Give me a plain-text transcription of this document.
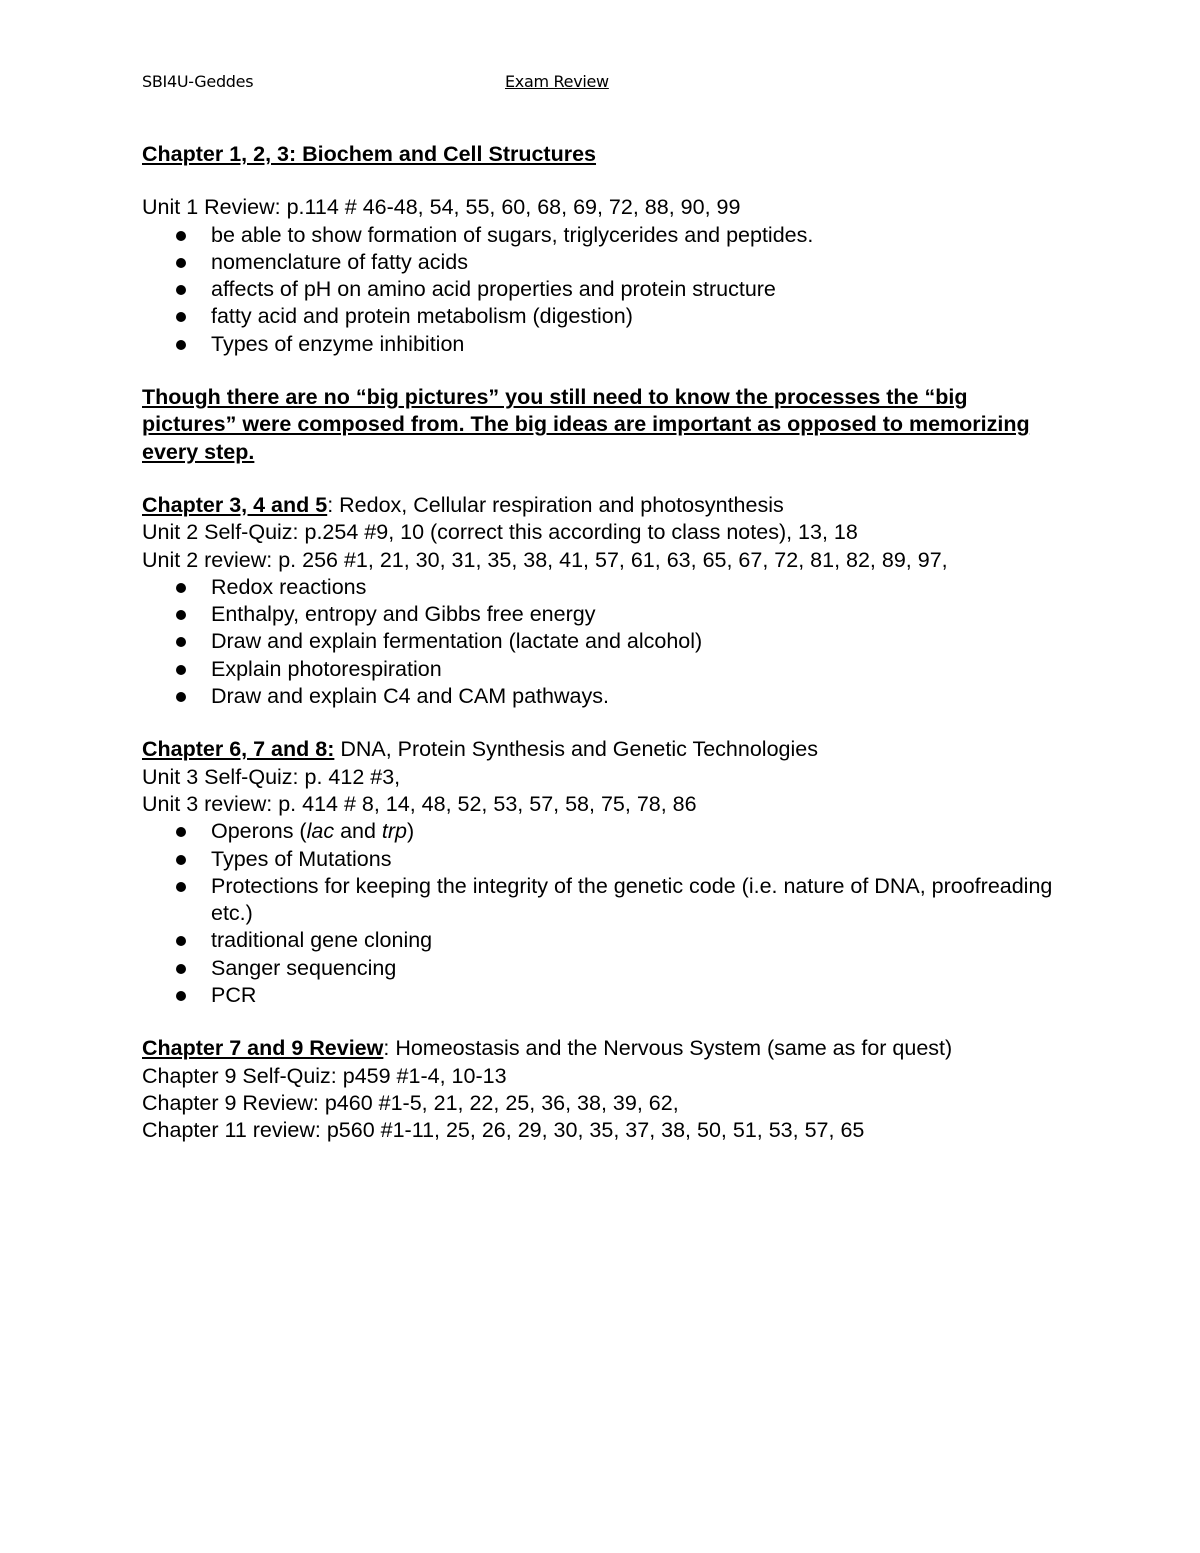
SBI4U-Geddes	Exam Review
Chapter 1, 2, 3: Biochem and Cell Structures
Unit 1 Review: p.114 # 46-48, 54, 55, 60, 68, 69, 72, 88, 90, 99
be able to show formation of sugars, triglycerides and peptides.
nomenclature of fatty acids
affects of pH on amino acid properties and protein structure
fatty acid and protein metabolism (digestion)
Types of enzyme inhibition
Though there are no “big pictures” you still need to know the processes the “big pictures” were composed from. The big ideas are important as opposed to memorizing every step.
Chapter 3, 4 and 5: Redox, Cellular respiration and photosynthesis
Unit 2 Self-Quiz: p.254 #9, 10 (correct this according to class notes), 13, 18
Unit 2 review: p. 256 #1, 21, 30, 31, 35, 38, 41, 57, 61, 63, 65, 67, 72, 81, 82, 89, 97,
Redox reactions
Enthalpy, entropy and Gibbs free energy
Draw and explain fermentation (lactate and alcohol)
Explain photorespiration
Draw and explain C4 and CAM pathways.
Chapter 6, 7 and 8: DNA, Protein Synthesis and Genetic Technologies
Unit 3 Self-Quiz: p. 412 #3,
Unit 3 review: p. 414 # 8, 14, 48, 52, 53, 57, 58, 75, 78, 86
Operons (lac and trp)
Types of Mutations
Protections for keeping the integrity of the genetic code (i.e. nature of DNA, proofreading etc.)
traditional gene cloning
Sanger sequencing
PCR
Chapter 7 and 9 Review: Homeostasis and the Nervous System (same as for quest)
Chapter 9 Self-Quiz: p459 #1-4, 10-13
Chapter 9 Review: p460 #1-5, 21, 22, 25, 36, 38, 39, 62,
Chapter 11 review: p560 #1-11, 25, 26, 29, 30, 35, 37, 38, 50, 51, 53, 57, 65
